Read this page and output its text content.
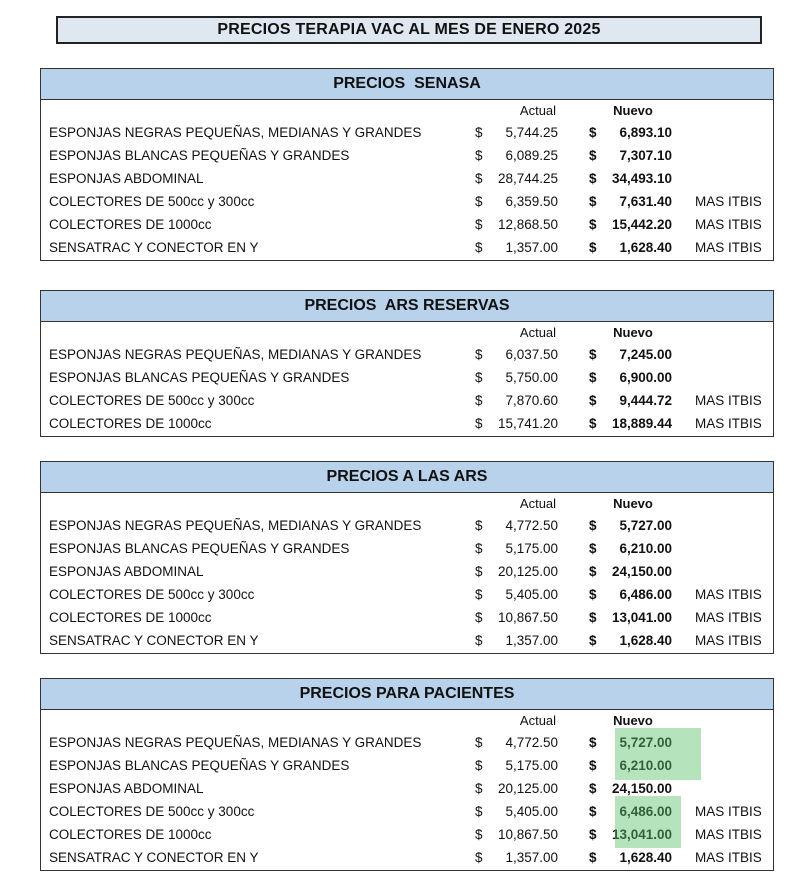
PRECIOS TERAPIA VAC AL MES DE ENERO 2025
PRECIOS  SENASA
Actual	Nuevo
ESPONJAS NEGRAS PEQUEÑAS, MEDIANAS Y GRANDES	$	5,744.25 $	6,893.10
ESPONJAS BLANCAS PEQUEÑAS Y GRANDES	$	6,089.25 $	7,307.10
ESPONJAS ABDOMINAL	$	28,744.25 $	34,493.10
COLECTORES DE 500cc y 300cc	$	6,359.50 $	7,631.40 MAS ITBIS
COLECTORES DE 1000cc	$	12,868.50 $	15,442.20 MAS ITBIS
SENSATRAC Y CONECTOR EN Y	$	1,357.00 $	1,628.40 MAS ITBIS
PRECIOS  ARS RESERVAS
Actual	Nuevo
ESPONJAS NEGRAS PEQUEÑAS, MEDIANAS Y GRANDES	$	6,037.50 $	7,245.00
ESPONJAS BLANCAS PEQUEÑAS Y GRANDES	$	5,750.00 $	6,900.00
COLECTORES DE 500cc y 300cc	$	7,870.60 $	9,444.72 MAS ITBIS
COLECTORES DE 1000cc	$	15,741.20 $	18,889.44 MAS ITBIS
PRECIOS A LAS ARS
Actual	Nuevo
ESPONJAS NEGRAS PEQUEÑAS, MEDIANAS Y GRANDES	$	4,772.50 $	5,727.00
ESPONJAS BLANCAS PEQUEÑAS Y GRANDES	$	5,175.00 $	6,210.00
ESPONJAS ABDOMINAL	$	20,125.00 $	24,150.00
COLECTORES DE 500cc y 300cc	$	5,405.00 $	6,486.00 MAS ITBIS
COLECTORES DE 1000cc	$	10,867.50 $	13,041.00 MAS ITBIS
SENSATRAC Y CONECTOR EN Y	$	1,357.00 $	1,628.40 MAS ITBIS
PRECIOS PARA PACIENTES
Actual	Nuevo
ESPONJAS NEGRAS PEQUEÑAS, MEDIANAS Y GRANDES	$	4,772.50 $	5,727.00
ESPONJAS BLANCAS PEQUEÑAS Y GRANDES	$	5,175.00 $	6,210.00
ESPONJAS ABDOMINAL	$	20,125.00 $	24,150.00
COLECTORES DE 500cc y 300cc	$	5,405.00 $	6,486.00 MAS ITBIS
COLECTORES DE 1000cc	$	10,867.50 $	13,041.00 MAS ITBIS
SENSATRAC Y CONECTOR EN Y	$	1,357.00 $	1,628.40 MAS ITBIS
